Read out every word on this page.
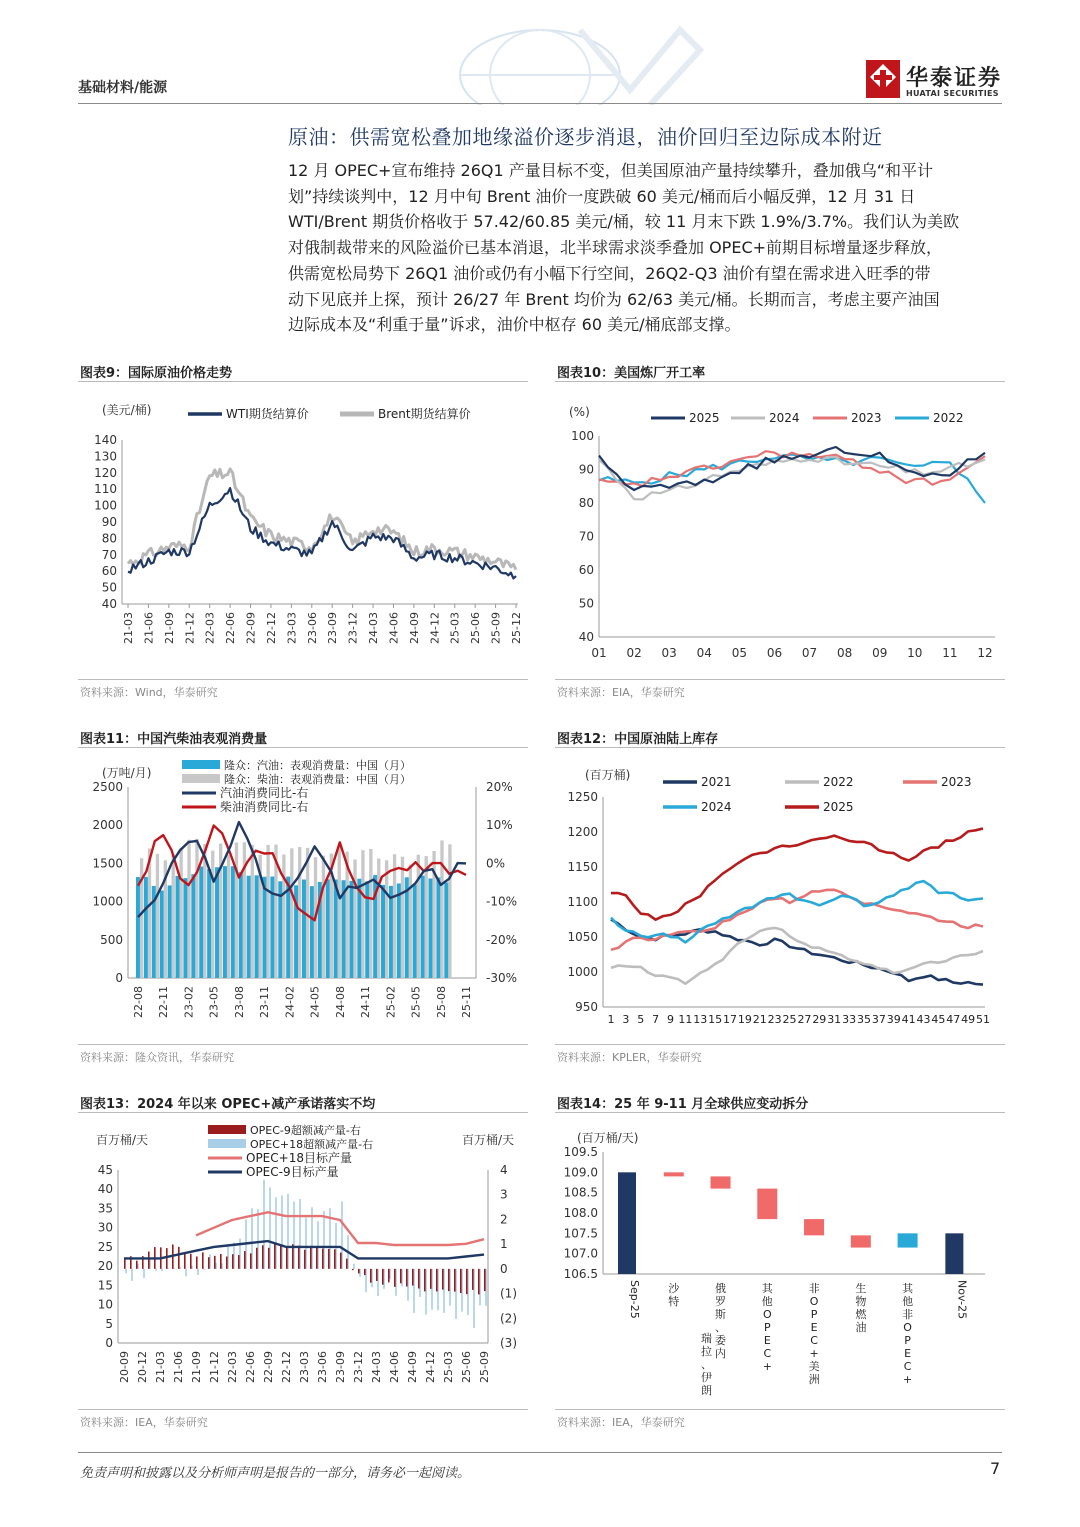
基础材料/能源	华泰证券
HUATAI SECURITIES
原油：供需宽松叠加地缘溢价逐步消退，油价回归至边际成本附近
12 月 OPEC+宣布维持 26Q1 产量目标不变，但美国原油产量持续攀升，叠加俄乌“和平计
划”持续谈判中，12 月中旬 Brent 油价一度跌破 60 美元/桶而后小幅反弹，12 月 31 日
WTI/Brent 期货价格收于 57.42/60.85 美元/桶，较 11 月末下跌 1.9%/3.7%。我们认为美欧
对俄制裁带来的风险溢价已基本消退，北半球需求淡季叠加 OPEC+前期目标增量逐步释放，
供需宽松局势下 26Q1 油价或仍有小幅下行空间，26Q2-Q3 油价有望在需求进入旺季的带
动下见底并上探，预计 26/27 年 Brent 均价为 62/63 美元/桶。长期而言，考虑主要产油国
边际成本及“利重于量”诉求，油价中枢存 60 美元/桶底部支撑。
图表9：国际原油价格走势	图表10：美国炼厂开工率
资料来源：Wind，华泰研究	资料来源：EIA，华泰研究
图表11：中国汽柴油表观消费量	图表12：中国原油陆上库存
资料来源：隆众资讯，华泰研究	资料来源：KPLER，华泰研究
图表13：2024 年以来 OPEC+减产承诺落实不均	图表14：25 年 9-11 月全球供应变动拆分
资料来源：IEA，华泰研究	资料来源：IEA，华泰研究
40
50
60
70
80
90
100
110
120
130
140
(美元/桶)
21-03 21-06 21-09 21-12 22-03 22-06 22-09 22-12 23-03 23-06 23-09 23-12 24-03 24-06 24-09 24-12 25-03 25-06 25-09 25-12
WTI期货结算价	Brent期货结算价
40
50
60
70
80
90
100
(%)
01 02 03 04 05 06 07 08 09 10 11 12
2025	2024	2023	2022
0
500
1000
1500
2000
2500
-30%
-20%
-10%
0%
10%
20%
(万吨/月)
22-08 22-11 23-02 23-05 23-08 23-11 24-02 24-05 24-08 24-11 25-02 25-05 25-08 25-11
隆众：汽油：表观消费量：中国（月）
隆众：柴油：表观消费量：中国（月）
汽油消费同比-右
柴油消费同比-右
950
1000
1050
1100
1150
1200
1250
(百万桶)
1 3 5 7 9 11 13 15 17 19 21 23 25 27 29 31 33 35 37 39 41 43 45 47 49 51
2021	2022	2023
2024	2025
0
5
10
15
20
25
30
35
40
45
(3)
(2)
(1)
0
1
2
3
4
百万桶/天	百万桶/天
20-09 20-12 21-03 21-06 21-09 21-12 22-03 22-06 22-09 22-12 23-03 23-06 23-09 23-12 24-03 24-06 24-09 24-12 25-03 25-06 25-09
OPEC-9超额减产量-右
OPEC+18超额减产量-右
OPEC+18目标产量
OPEC-9目标产量
106.5
107.0
107.5
108.0
108.5
109.0
109.5
(百万桶/天)
Sep-25 沙特
俄罗斯、委内瑞拉、伊朗
其他 O P E C +
非 O P E C +美洲
生物燃油
其他非 O P E C +
Nov-25
免责声明和披露以及分析师声明是报告的一部分，请务必一起阅读。	7
